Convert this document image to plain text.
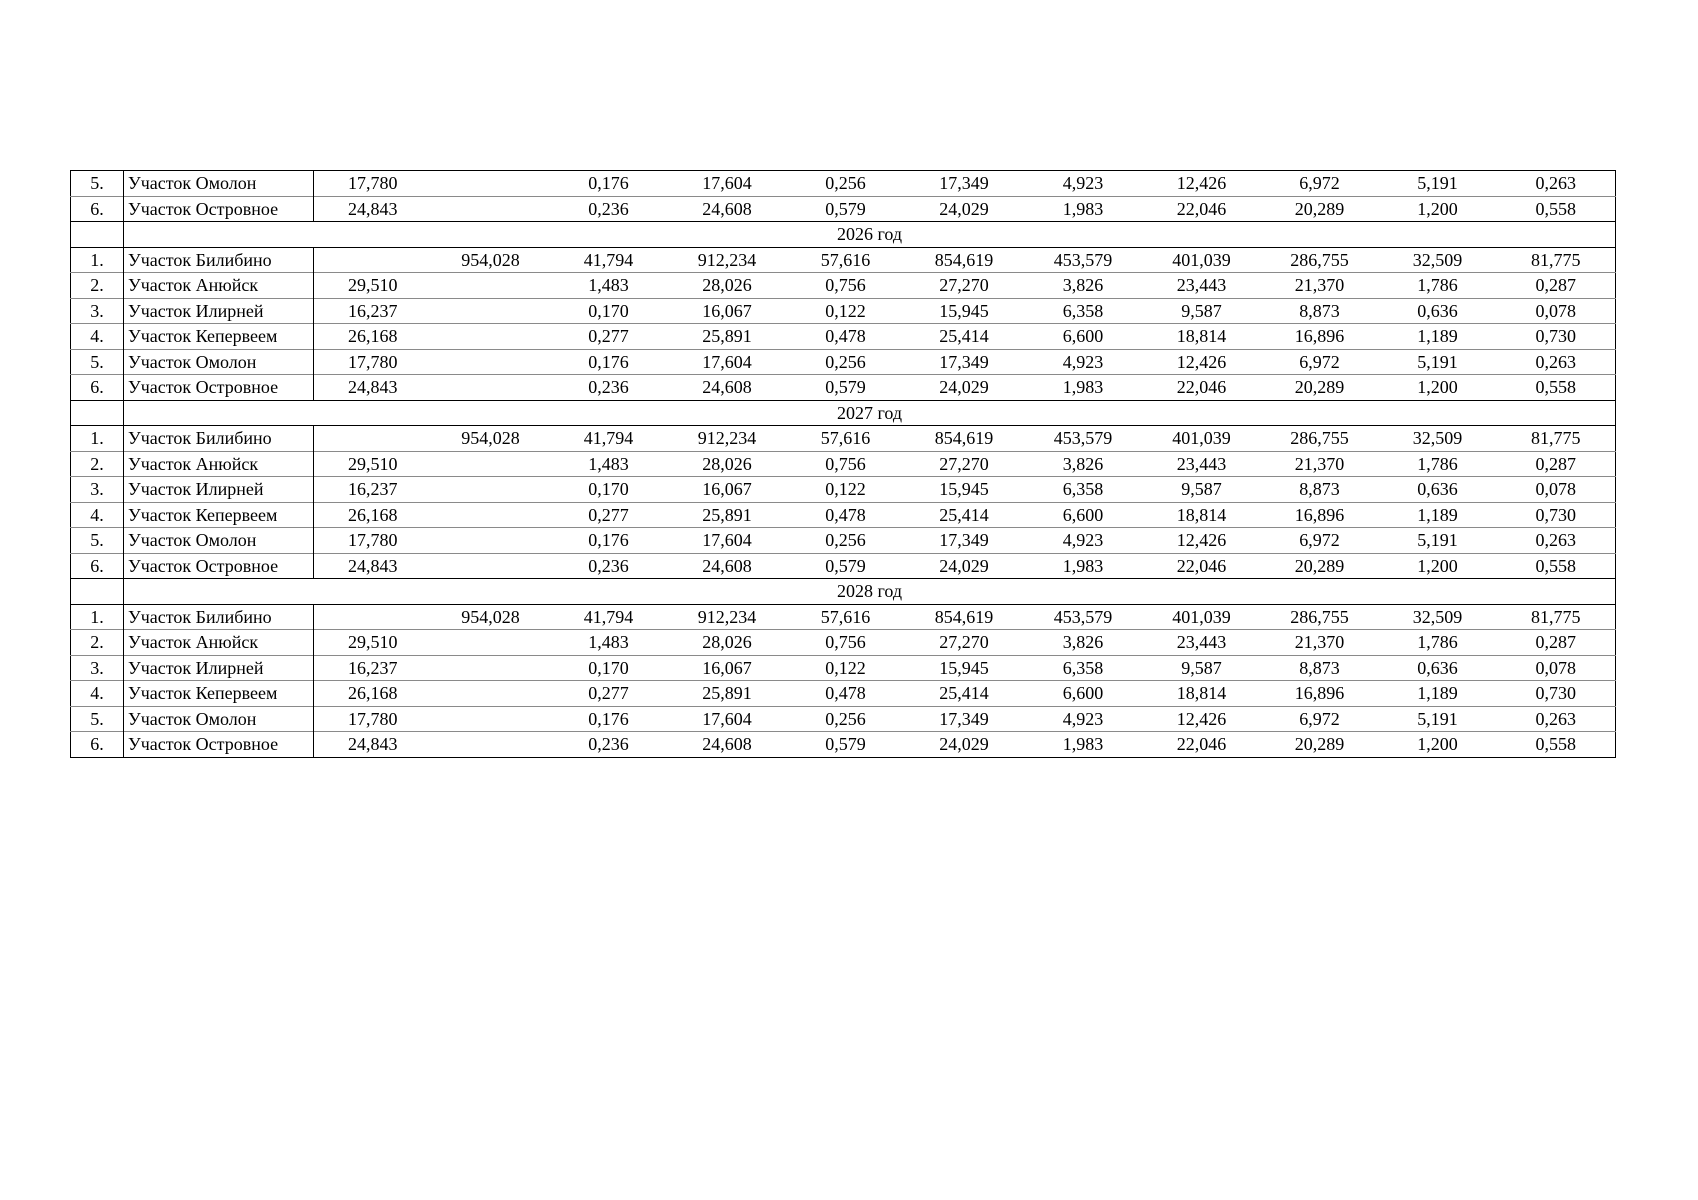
5.	Участок Омолон	17,780		0,176	17,604	0,256	17,349	4,923	12,426	6,972	5,191	0,263
6.	Участок Островное	24,843		0,236	24,608	0,579	24,029	1,983	22,046	20,289	1,200	0,558
	2026 год											
1.	Участок Билибино		954,028	41,794	912,234	57,616	854,619	453,579	401,039	286,755	32,509	81,775
2.	Участок Анюйск	29,510		1,483	28,026	0,756	27,270	3,826	23,443	21,370	1,786	0,287
3.	Участок Илирней	16,237		0,170	16,067	0,122	15,945	6,358	9,587	8,873	0,636	0,078
4.	Участок Кепервеем	26,168		0,277	25,891	0,478	25,414	6,600	18,814	16,896	1,189	0,730
5.	Участок Омолон	17,780		0,176	17,604	0,256	17,349	4,923	12,426	6,972	5,191	0,263
6.	Участок Островное	24,843		0,236	24,608	0,579	24,029	1,983	22,046	20,289	1,200	0,558
	2027 год											
1.	Участок Билибино		954,028	41,794	912,234	57,616	854,619	453,579	401,039	286,755	32,509	81,775
2.	Участок Анюйск	29,510		1,483	28,026	0,756	27,270	3,826	23,443	21,370	1,786	0,287
3.	Участок Илирней	16,237		0,170	16,067	0,122	15,945	6,358	9,587	8,873	0,636	0,078
4.	Участок Кепервеем	26,168		0,277	25,891	0,478	25,414	6,600	18,814	16,896	1,189	0,730
5.	Участок Омолон	17,780		0,176	17,604	0,256	17,349	4,923	12,426	6,972	5,191	0,263
6.	Участок Островное	24,843		0,236	24,608	0,579	24,029	1,983	22,046	20,289	1,200	0,558
	2028 год											
1.	Участок Билибино		954,028	41,794	912,234	57,616	854,619	453,579	401,039	286,755	32,509	81,775
2.	Участок Анюйск	29,510		1,483	28,026	0,756	27,270	3,826	23,443	21,370	1,786	0,287
3.	Участок Илирней	16,237		0,170	16,067	0,122	15,945	6,358	9,587	8,873	0,636	0,078
4.	Участок Кепервеем	26,168		0,277	25,891	0,478	25,414	6,600	18,814	16,896	1,189	0,730
5.	Участок Омолон	17,780		0,176	17,604	0,256	17,349	4,923	12,426	6,972	5,191	0,263
6.	Участок Островное	24,843		0,236	24,608	0,579	24,029	1,983	22,046	20,289	1,200	0,558
